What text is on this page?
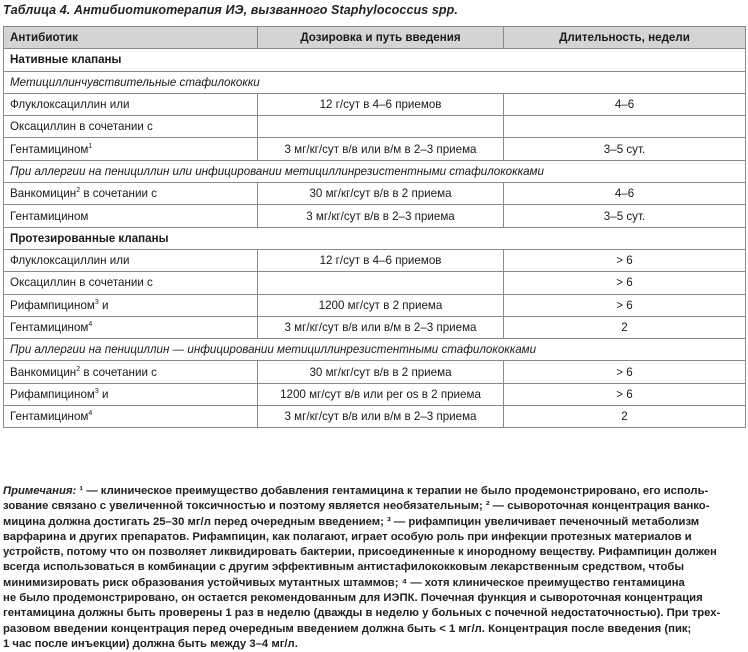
Таблица 4. Антибиотикотерапия ИЭ, вызванного Staphylococcus spp.
Антибиотик	Дозировка и путь введения	Длительность, недели
Нативные клапаны		
Метициллинчувствительные стафилококки		
Флуклоксациллин или	12 г/сут в 4–6 приемов	4–6
Оксациллин в сочетании с		
Гентамицином$^1$	3 мг/кг/сут в/в или в/м в 2–3 приема	3–5 сут.
При аллергии на пенициллин или инфицировании метициллинрезистентными стафилококками		
Ванкомицин$^2$ в сочетании с	30 мг/кг/сут в/в в 2 приема	4–6
Гентамицином	3 мг/кг/сут в/в в 2–3 приема	3–5 сут.
Протезированные клапаны		
Флуклоксациллин или	12 г/сут в 4–6 приемов	> 6
Оксациллин в сочетании с		> 6
Рифампицином$^3$ и	1200 мг/сут в 2 приема	> 6
Гентамицином$^4$	3 мг/кг/сут в/в или в/м в 2–3 приема	2
При аллергии на пенициллин — инфицировании метициллинрезистентными стафилококками		
Ванкомицин$^2$ в сочетании с	30 мг/кг/сут в/в в 2 приема	> 6
Рифампицином$^3$ и	1200 мг/сут в/в или per os в 2 приема	> 6
Гентамицином$^4$	3 мг/кг/сут в/в или в/м в 2–3 приема	2

Примечания: ¹ — клиническое преимущество добавления гентамицина к терапии не было продемонстрировано, его исполь-

зование связано с увеличенной токсичностью и поэтому является необязательным; ² — сывороточная концентрация ванко-

мицина должна достигать 25–30 мг/л перед очередным введением; ³ — рифампицин увеличивает печеночный метаболизм

варфарина и других препаратов. Рифампицин, как полагают, играет особую роль при инфекции протезных материалов и

устройств, потому что он позволяет ликвидировать бактерии, присоединенные к инородному веществу. Рифампицин должен

всегда использоваться в комбинации с другим эффективным антистафилококковым лекарственным средством, чтобы

минимизировать риск образования устойчивых мутантных штаммов; ⁴ — хотя клиническое преимущество гентамицина

не было продемонстрировано, он остается рекомендованным для ИЭПК. Почечная функция и сывороточная концентрация

гентамицина должны быть проверены 1 раз в неделю (дважды в неделю у больных с почечной недостаточностью). При трех-

разовом введении концентрация перед очередным введением должна быть < 1 мг/л. Концентрация после введения (пик;

1 час после инъекции) должна быть между 3–4 мг/л.
